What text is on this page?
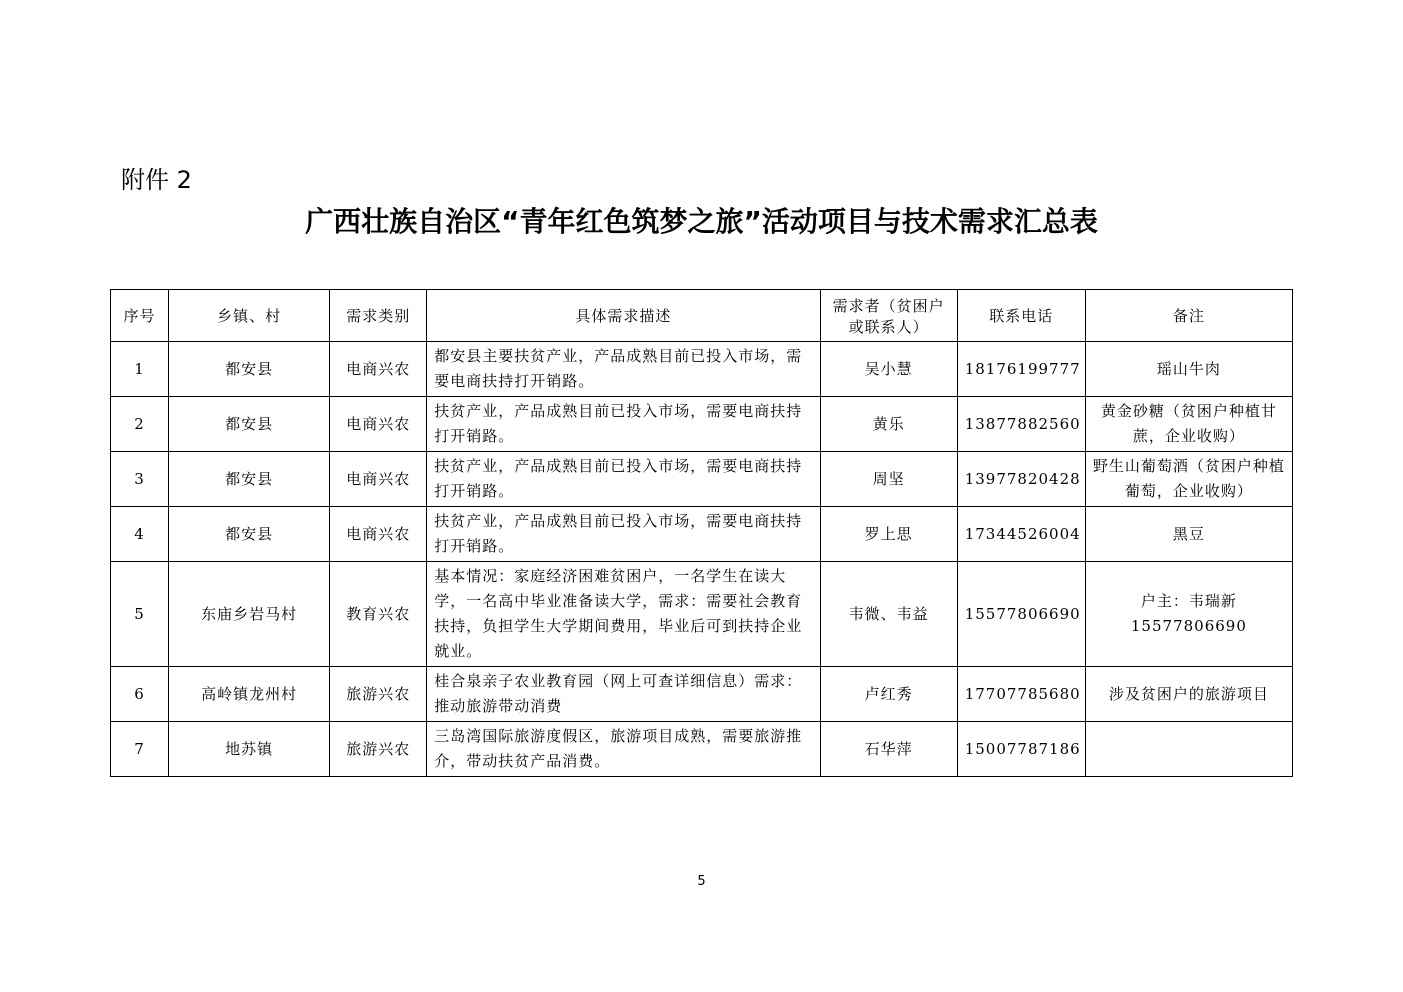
附件 2
广西壮族自治区“青年红色筑梦之旅”活动项目与技术需求汇总表
序号	乡镇、村	需求类别	具体需求描述	需求者（贫困户或联系人）	联系电话	备注
1	都安县	电商兴农	都安县主要扶贫产业，产品成熟目前已投入市场，需要电商扶持打开销路。	吴小慧	18176199777	瑶山牛肉
2	都安县	电商兴农	扶贫产业，产品成熟目前已投入市场，需要电商扶持打开销路。	黄乐	13877882560	黄金砂糖（贫困户种植甘蔗，企业收购）
3	都安县	电商兴农	扶贫产业，产品成熟目前已投入市场，需要电商扶持打开销路。	周坚	13977820428	野生山葡萄酒（贫困户种植葡萄，企业收购）
4	都安县	电商兴农	扶贫产业，产品成熟目前已投入市场，需要电商扶持打开销路。	罗上思	17344526004	黑豆
5	东庙乡岩马村	教育兴农	基本情况：家庭经济困难贫困户，一名学生在读大学，一名高中毕业准备读大学，需求：需要社会教育扶持，负担学生大学期间费用，毕业后可到扶持企业就业。	韦微、韦益	15577806690	户主：韦瑞新 15577806690
6	高岭镇龙州村	旅游兴农	桂合泉亲子农业教育园（网上可查详细信息）需求：推动旅游带动消费	卢红秀	17707785680	涉及贫困户的旅游项目
7	地苏镇	旅游兴农	三岛湾国际旅游度假区，旅游项目成熟，需要旅游推介，带动扶贫产品消费。	石华萍	15007787186	
5
